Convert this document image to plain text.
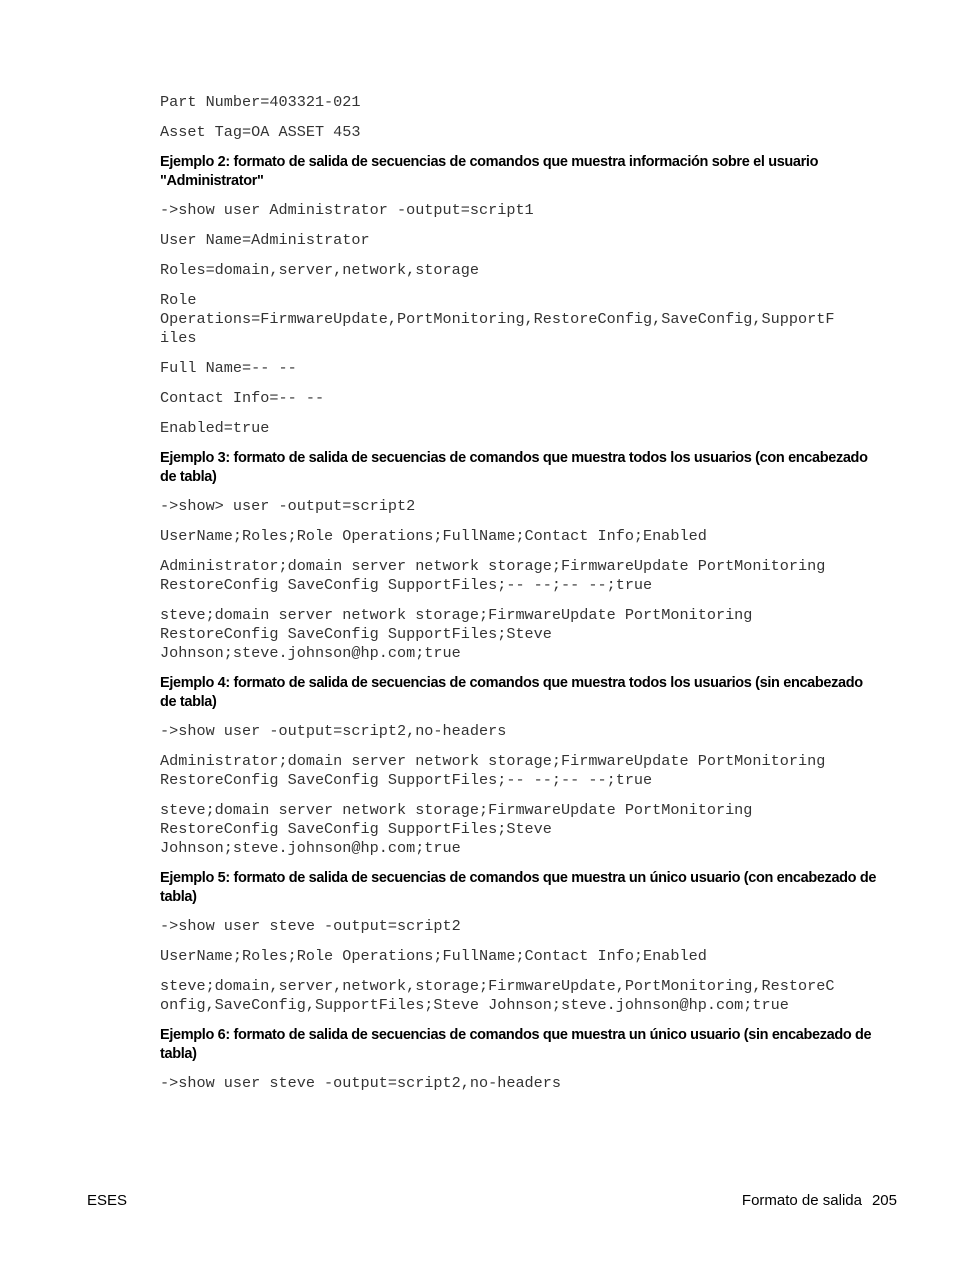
Part Number=403321-021
Asset Tag=OA ASSET 453
Ejemplo 2: formato de salida de secuencias de comandos que muestra información sobre el usuario "Administrator"
->show user Administrator -output=script1
User Name=Administrator
Roles=domain,server,network,storage
Role
Operations=FirmwareUpdate,PortMonitoring,RestoreConfig,SaveConfig,SupportF
iles
Full Name=-- --
Contact Info=-- --
Enabled=true
Ejemplo 3: formato de salida de secuencias de comandos que muestra todos los usuarios (con encabezado de tabla)
->show> user -output=script2
UserName;Roles;Role Operations;FullName;Contact Info;Enabled
Administrator;domain server network storage;FirmwareUpdate PortMonitoring
RestoreConfig SaveConfig SupportFiles;-- --;-- --;true
steve;domain server network storage;FirmwareUpdate PortMonitoring
RestoreConfig SaveConfig SupportFiles;Steve
Johnson;steve.johnson@hp.com;true
Ejemplo 4: formato de salida de secuencias de comandos que muestra todos los usuarios (sin encabezado de tabla)
->show user -output=script2,no-headers
Administrator;domain server network storage;FirmwareUpdate PortMonitoring
RestoreConfig SaveConfig SupportFiles;-- --;-- --;true
steve;domain server network storage;FirmwareUpdate PortMonitoring
RestoreConfig SaveConfig SupportFiles;Steve
Johnson;steve.johnson@hp.com;true
Ejemplo 5: formato de salida de secuencias de comandos que muestra un único usuario (con encabezado de tabla)
->show user steve -output=script2
UserName;Roles;Role Operations;FullName;Contact Info;Enabled
steve;domain,server,network,storage;FirmwareUpdate,PortMonitoring,RestoreC
onfig,SaveConfig,SupportFiles;Steve Johnson;steve.johnson@hp.com;true
Ejemplo 6: formato de salida de secuencias de comandos que muestra un único usuario (sin encabezado de tabla)
->show user steve -output=script2,no-headers
ESES	Formato de salida 205
